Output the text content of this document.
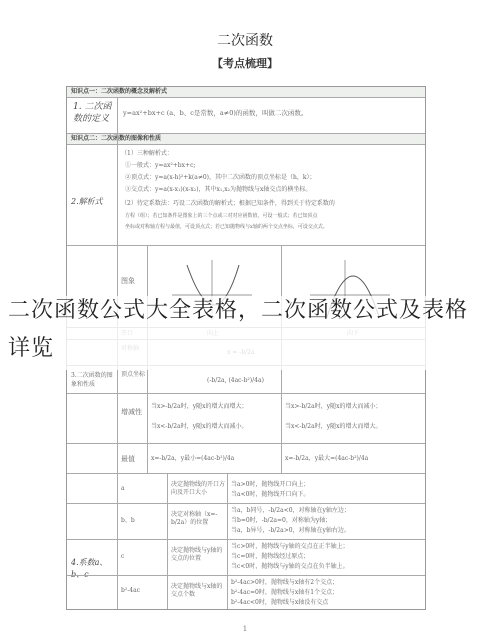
二次函数
【考点梳理】
知识点一：二次函数的概念及解析式
1. 二次函数的定义
y=ax²+bx+c (a、b、c是常数，a≠0)的函数，叫做二次函数。
知识点二：二次函数的图像和性质
2.解析式
（1）三种解析式：
①一般式：y=ax²+bx+c;
②顶点式：y=a(x-h)²+k(a≠0)，其中二次函数的顶点坐标是（h，k）；
③交点式：y=a(x-x₁)(x-x₂)，其中x₁,x₂为抛物线与x轴交点的横坐标。
（2）待定系数法：巧设二次函数的解析式；根据已知条件，得到关于待定系数的
方程（组）；若已知条件是图象上的三个点或三对对应函数值，可设一般式；若已知顶点
坐标或对称轴方程与最值，可设顶点式；若已知抛物线与x轴的两个交点坐标，可设交点式。
图象
3.二次函数的图象和性质
顶点坐标
(-b/2a, (4ac-b²)/4a)
增减性
当x>-b/2a时，y随x的增大而增大；
当x<-b/2a时，y随x的增大而减小。
当x>-b/2a时，y随x的增大而减小；
当x<-b/2a时，y随x的增大而增大。
最值	x=-b/2a，y最小=(4ac-b²)/4a	x=-b/2a，y最大=(4ac-b²)/4a
4.系数a、b、c
a
决定抛物线的开口方向及开口大小
当a>0时，抛物线开口向上；
当a<0时，抛物线开口向下。
b、b
决定对称轴（x=-b/2a）的位置
当a，b同号，-b/2a<0，对称轴在y轴左边；
当b=0时，-b/2a=0，对称轴为y轴；
当a，b异号，-b/2a>0，对称轴在y轴右边。
c
决定抛物线与y轴的交点的位置
当c>0时，抛物线与y轴的交点在正半轴上；
当c=0时，抛物线经过原点；
当c<0时，抛物线与y轴的交点在负半轴上。
b²-4ac
决定抛物线与x轴的交点个数
b²-4ac>0时，抛物线与x轴有2个交点；
b²-4ac=0时，抛物线与x轴有1个交点；
b²-4ac<0时，抛物线与x轴没有交点
二次函数公式大全表格，二次函数公式及表格详览
1
